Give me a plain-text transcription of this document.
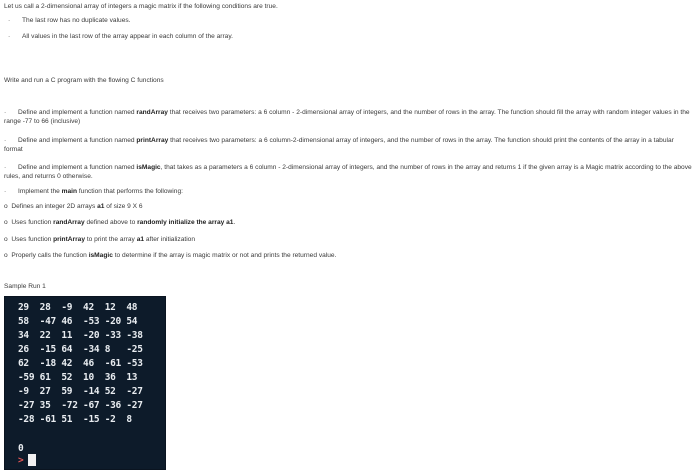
Let us call a 2-dimensional array of integers a magic matrix if the following conditions are true.
· The last row has no duplicate values.
· All values in the last row of the array appear in each column of the array.
Write and run a C program with the flowing C functions
· Define and implement a function named randArray that receives two parameters: a 6 column - 2-dimensional array of integers, and the number of rows in the array. The function should fill the array with random integer values in the range -77 to 66 (inclusive)
· Define and implement a function named printArray that receives two parameters: a 6 column-2-dimensional array of integers, and the number of rows in the array. The function should print the contents of the array in a tabular format
· Define and implement a function named isMagic, that takes as a parameters a 6 column - 2-dimensional array of integers, and the number of rows in the array and returns 1 if the given array is a Magic matrix according to the above rules, and returns 0 otherwise.
· Implement the main function that performs the following:
o Defines an integer 2D arrays a1 of size 9 X 6
o Uses function randArray defined above to randomly initialize the array a1.
o Uses function printArray to print the array a1 after initialization
o Properly calls the function isMagic to determine if the array is magic matrix or not and prints the returned value.
Sample Run 1
29  28  -9  42  12  48
58  -47 46  -53 -20 54
34  22  11  -20 -33 -38
26  -15 64  -34 8   -25
62  -18 42  46  -61 -53
-59 61  52  10  36  13
-9  27  59  -14 52  -27
-27 35  -72 -67 -36 -27
-28 -61 51  -15 -2  8
0
>
